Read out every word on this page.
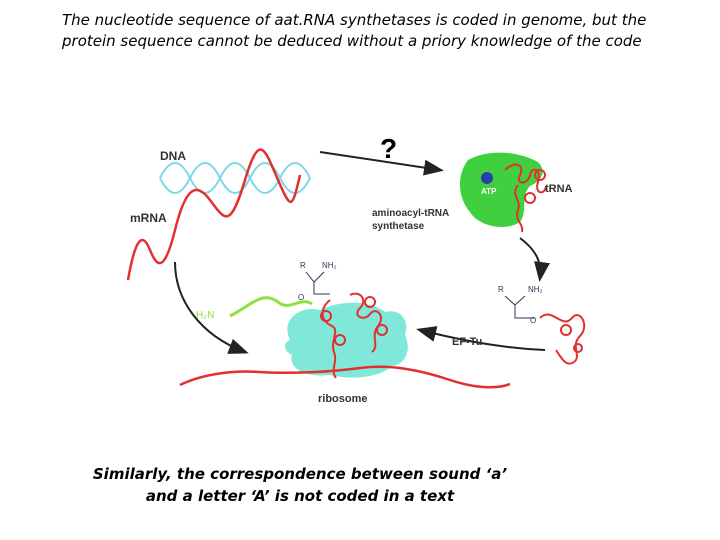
The nucleotide sequence of aat.RNA synthetases is coded in genome, but the protein sequence cannot be deduced without a priory knowledge of the code

DNA
mRNA
?
ATP	tRNA
aminoacyl-tRNA
synthetase
R	NH₂
O
EF-Tu
H₂N
R NH₂
O
ribosome
Similarly, the correspondence between sound ‘a’
and a letter ‘A’ is not coded in a text
